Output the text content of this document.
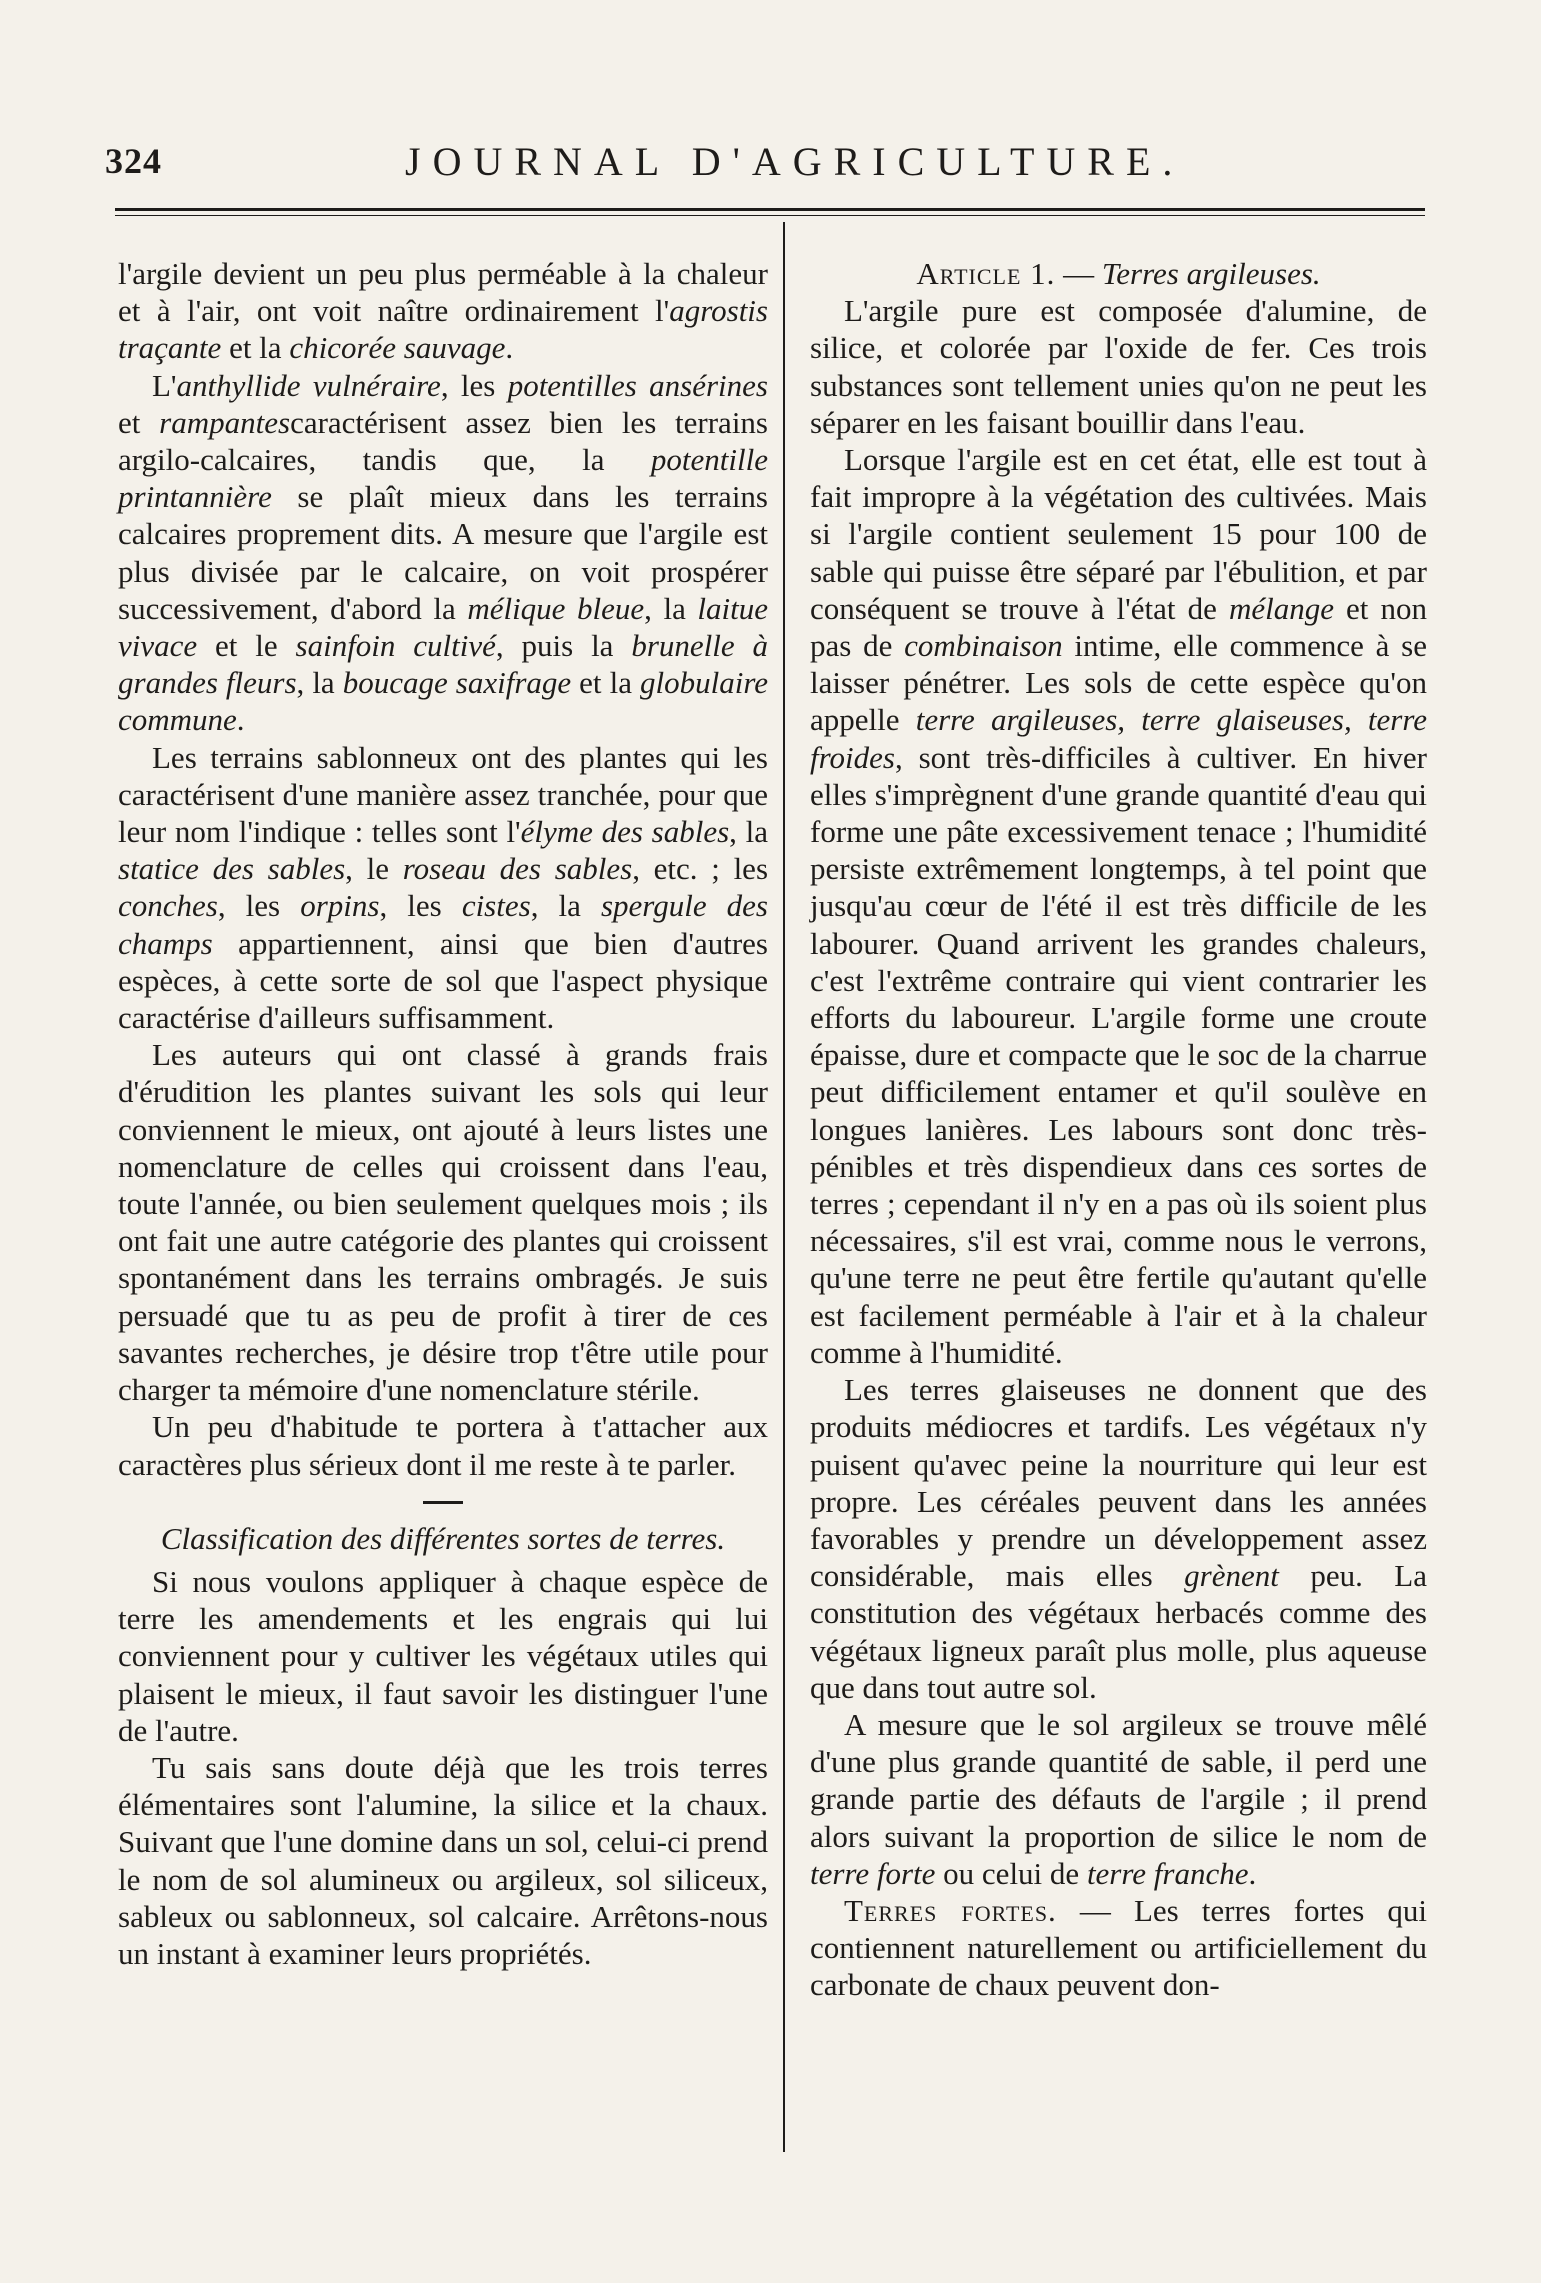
324	JOURNAL D'AGRICULTURE.

l'argile devient un peu plus perméable à la chaleur et à l'air, ont voit naître ordinairement l'agrostis traçante et la chicorée sauvage.

L'anthyllide vulnéraire, les potentilles ansérines et rampantescaractérisent assez bien les terrains argilo-calcaires, tandis que, la potentille printannière se plaît mieux dans les terrains calcaires proprement dits. A mesure que l'argile est plus divisée par le calcaire, on voit prospérer successivement, d'abord la mélique bleue, la laitue vivace et le sainfoin cultivé, puis la brunelle à grandes fleurs, la boucage saxifrage et la globulaire commune.

Les terrains sablonneux ont des plantes qui les caractérisent d'une manière assez tranchée, pour que leur nom l'indique : telles sont l'élyme des sables, la statice des sables, le roseau des sables, etc. ; les conches, les orpins, les cistes, la spergule des champs appartiennent, ainsi que bien d'autres espèces, à cette sorte de sol que l'aspect physique caractérise d'ailleurs suffisamment.

Les auteurs qui ont classé à grands frais d'érudition les plantes suivant les sols qui leur conviennent le mieux, ont ajouté à leurs listes une nomenclature de celles qui croissent dans l'eau, toute l'année, ou bien seulement quelques mois ; ils ont fait une autre catégorie des plantes qui croissent spontanément dans les terrains ombragés. Je suis persuadé que tu as peu de profit à tirer de ces savantes recherches, je désire trop t'être utile pour charger ta mémoire d'une nomenclature stérile.

Un peu d'habitude te portera à t'attacher aux caractères plus sérieux dont il me reste à te parler.

Classification des différentes sortes de terres.

Si nous voulons appliquer à chaque espèce de terre les amendements et les engrais qui lui conviennent pour y cultiver les végétaux utiles qui plaisent le mieux, il faut savoir les distinguer l'une de l'autre.

Tu sais sans doute déjà que les trois terres élémentaires sont l'alumine, la silice et la chaux. Suivant que l'une domine dans un sol, celui-ci prend le nom de sol alumineux ou argileux, sol siliceux, sableux ou sablonneux, sol calcaire. Arrêtons-nous un instant à examiner leurs propriétés.

Article 1. — Terres argileuses.

L'argile pure est composée d'alumine, de silice, et colorée par l'oxide de fer. Ces trois substances sont tellement unies qu'on ne peut les séparer en les faisant bouillir dans l'eau.

Lorsque l'argile est en cet état, elle est tout à fait impropre à la végétation des cultivées. Mais si l'argile contient seulement 15 pour 100 de sable qui puisse être séparé par l'ébulition, et par conséquent se trouve à l'état de mélange et non pas de combinaison intime, elle commence à se laisser pénétrer. Les sols de cette espèce qu'on appelle terre argileuses, terre glaiseuses, terre froides, sont très-difficiles à cultiver. En hiver elles s'imprègnent d'une grande quantité d'eau qui forme une pâte excessivement tenace ; l'humidité persiste extrêmement longtemps, à tel point que jusqu'au cœur de l'été il est très difficile de les labourer. Quand arrivent les grandes chaleurs, c'est l'extrême contraire qui vient contrarier les efforts du laboureur. L'argile forme une croute épaisse, dure et compacte que le soc de la charrue peut difficilement entamer et qu'il soulève en longues lanières. Les labours sont donc très-pénibles et très dispendieux dans ces sortes de terres ; cependant il n'y en a pas où ils soient plus nécessaires, s'il est vrai, comme nous le verrons, qu'une terre ne peut être fertile qu'autant qu'elle est facilement perméable à l'air et à la chaleur comme à l'humidité.

Les terres glaiseuses ne donnent que des produits médiocres et tardifs. Les végétaux n'y puisent qu'avec peine la nourriture qui leur est propre. Les céréales peuvent dans les années favorables y prendre un développement assez considérable, mais elles grènent peu. La constitution des végétaux herbacés comme des végétaux ligneux paraît plus molle, plus aqueuse que dans tout autre sol.

A mesure que le sol argileux se trouve mêlé d'une plus grande quantité de sable, il perd une grande partie des défauts de l'argile ; il prend alors suivant la proportion de silice le nom de terre forte ou celui de terre franche.

Terres fortes. — Les terres fortes qui contiennent naturellement ou artificiellement du carbonate de chaux peuvent don-
